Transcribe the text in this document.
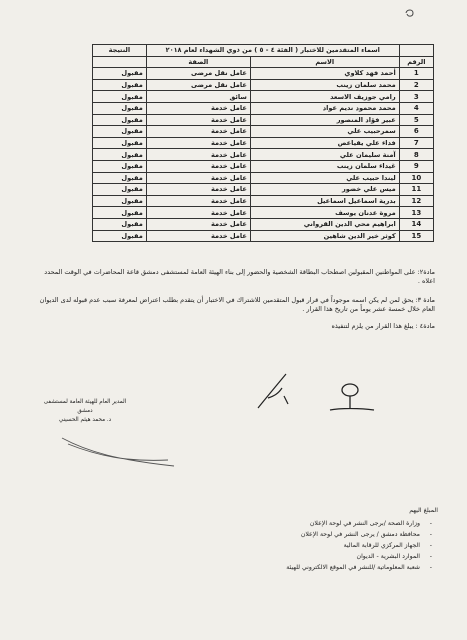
	اسماء المتقدمين للاختبار ( الفئة ٤ - ٥ ) من ذوي الشهداء لعام ٢٠١٨		النتيجة
الرقم	الاسم	الصفة	
1	أحمد فهد كلاوي	عامل نقل مرضى	مقبول
2	محمد سلمان زينب	عامل نقل مرضى	مقبول
3	رامي جوزيف الاسعد	سائق	مقبول
4	محمد محمود نديم عواد	عامل خدمة	مقبول
5	عبير فؤاد المنصور	عامل خدمة	مقبول
6	سمرحبيب علي	عامل خدمة	مقبول
7	فداء علي يقياعص	عامل خدمة	مقبول
8	آمنة سليمان علي	عامل خدمة	مقبول
9	غيداء سلمان زينب	عامل خدمة	مقبول
10	ليندا حبيب علي	عامل خدمة	مقبول
11	ميس علي خضور	عامل خدمة	مقبول
12	بدرية اسماعيل اسماعيل	عامل خدمة	مقبول
13	مروة عدنان يوسف	عامل خدمة	مقبول
14	ابراهيم محي الدين القرواني	عامل خدمة	مقبول
15	كوثر خير الدين شاهين	عامل خدمة	مقبول
مادة٢: على المواطنين المقبولين اصطحاب البطاقة الشخصية والحضور إلى بناء الهيئة العامة لمستشفى دمشق قاعة المحاضرات في الوقت المحدد اعلاه .
مادة ٣: يحق لمن لم يكن اسمه موجوداً في قرار قبول المتقدمين للاشتراك في الاختبار أن يتقدم بطلب اعتراض لمعرفة سبب عدم قبوله لدى الديوان العام خلال خمسة عشر يوماً من تاريخ هذا القرار .
مادة٤ : يبلغ هذا القرار من يلزم لتنفيذه
المدير العام للهيئة العامة لمستشفى دمشق
د. محمد هيثم الحسيني
المبلغ اليهم
- وزارة الصحة /برجى النشر في لوحة الإعلان
- محافظة دمشق / يرجى النشر في لوحة الإعلان
- الجهاز المركزي للرقابة المالية
- الموارد البشرية - الديوان
- شعبة المعلوماتية /للنشر في الموقع الالكتروني للهيئة
